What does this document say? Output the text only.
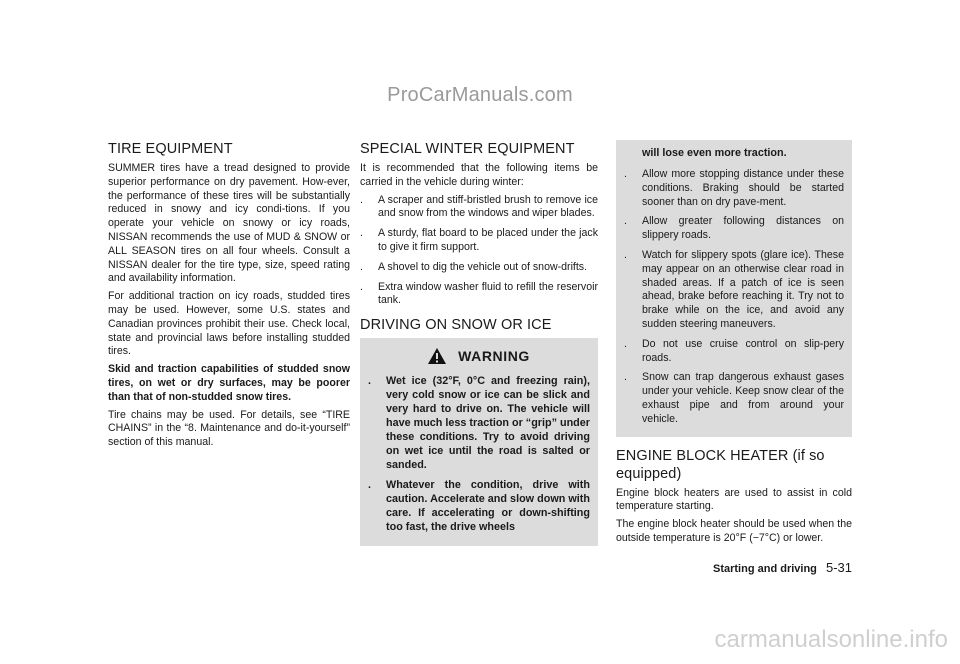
ProCarManuals.com
TIRE EQUIPMENT

SUMMER tires have a tread designed to provide superior performance on dry pavement. How-ever, the performance of these tires will be substantially reduced in snowy and icy condi-tions. If you operate your vehicle on snowy or icy roads, NISSAN recommends the use of MUD & SNOW or ALL SEASON tires on all four wheels. Consult a NISSAN dealer for the tire type, size, speed rating and availability information.

For additional traction on icy roads, studded tires may be used. However, some U.S. states and Canadian provinces prohibit their use. Check local, state and provincial laws before installing studded tires.

Skid and traction capabilities of studded snow tires, on wet or dry surfaces, may be poorer than that of non-studded snow tires.

Tire chains may be used. For details, see “TIRE CHAINS” in the “8. Maintenance and do-it-yourself” section of this manual.

SPECIAL WINTER EQUIPMENT

It is recommended that the following items be carried in the vehicle during winter:

. A scraper and stiff-bristled brush to remove ice and snow from the windows and wiper blades.
. A sturdy, flat board to be placed under the jack to give it firm support.
. A shovel to dig the vehicle out of snow-drifts.
. Extra window washer fluid to refill the reservoir tank.
DRIVING ON SNOW OR ICE
WARNING
. Wet ice (32°F, 0°C and freezing rain), very cold snow or ice can be slick and very hard to drive on. The vehicle will have much less traction or “grip” under these conditions. Try to avoid driving on wet ice until the road is salted or sanded.
. Whatever the condition, drive with caution. Accelerate and slow down with care. If accelerating or down-shifting too fast, the drive wheels

will lose even more traction.

. Allow more stopping distance under these conditions. Braking should be started sooner than on dry pave-ment.
. Allow greater following distances on slippery roads.
. Watch for slippery spots (glare ice). These may appear on an otherwise clear road in shaded areas. If a patch of ice is seen ahead, brake before reaching it. Try not to brake while on the ice, and avoid any sudden steering maneuvers.
. Do not use cruise control on slip-pery roads.
. Snow can trap dangerous exhaust gases under your vehicle. Keep snow clear of the exhaust pipe and from around your vehicle.
ENGINE BLOCK HEATER (if so equipped)

Engine block heaters are used to assist in cold temperature starting.

The engine block heater should be used when the outside temperature is 20°F (−7°C) or lower.

Starting and driving 5-31
carmanualsonline.info
